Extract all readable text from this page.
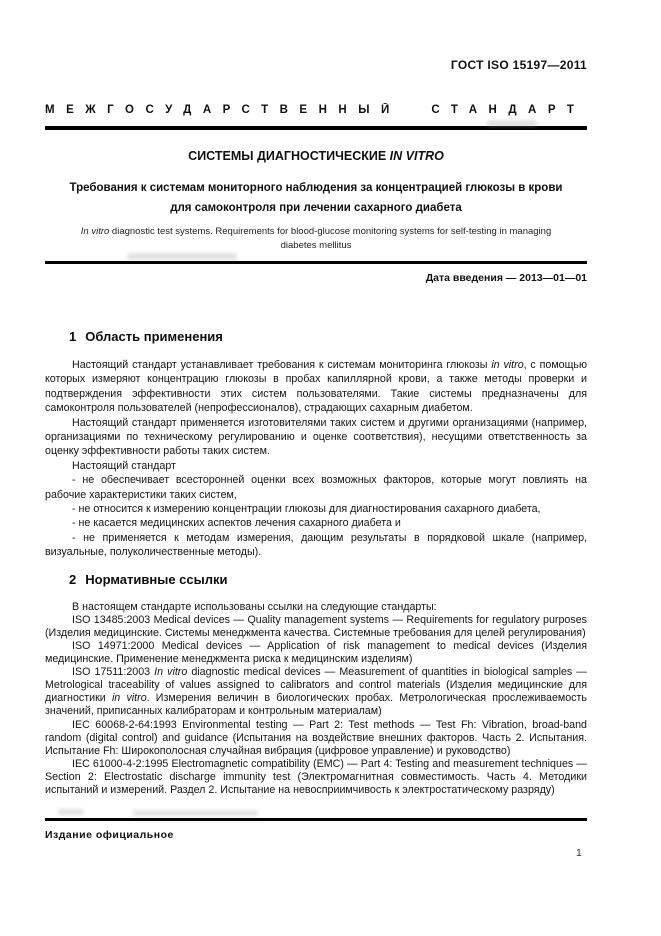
ГОСТ ISO 15197—2011
МЕЖГОСУДАРСТВЕННЫЙ СТАНДАРТ
СИСТЕМЫ ДИАГНОСТИЧЕСКИЕ IN VITRO
Требования к системам мониторного наблюдения за концентрацией глюкозы в крови
для самоконтроля при лечении сахарного диабета
In vitro diagnostic test systems. Requirements for blood-glucose monitoring systems for self-testing in managing diabetes mellitus
Дата введения — 2013—01—01
1 Область применения

Настоящий стандарт устанавливает требования к системам мониторинга глюкозы in vitro, с помощью которых измеряют концентрацию глюкозы в пробах капиллярной крови, а также методы проверки и подтверждения эффективности этих систем пользователями. Такие системы предназначены для самоконтроля пользователей (непрофессионалов), страдающих сахарным диабетом.

Настоящий стандарт применяется изготовителями таких систем и другими организациями (например, организациями по техническому регулированию и оценке соответствия), несущими ответственность за оценку эффективности работы таких систем.

Настоящий стандарт

- не обеспечивает всесторонней оценки всех возможных факторов, которые могут повлиять на рабочие характеристики таких систем,

- не относится к измерению концентрации глюкозы для диагностирования сахарного диабета,

- не касается медицинских аспектов лечения сахарного диабета и

- не применяется к методам измерения, дающим результаты в порядковой шкале (например, визуальные, полуколичественные методы).

2 Нормативные ссылки

В настоящем стандарте использованы ссылки на следующие стандарты:

ISO 13485:2003 Medical devices — Quality management systems — Requirements for regulatory purposes (Изделия медицинские. Системы менеджмента качества. Системные требования для целей регулирования)

ISO 14971:2000 Medical devices — Application of risk management to medical devices (Изделия медицинские. Применение менеджмента риска к медицинским изделиям)

ISO 17511:2003 In vitro diagnostic medical devices — Measurement of quantities in biological samples — Metrological traceability of values assigned to calibrators and control materials (Изделия медицинские для диагностики in vitro. Измерения величин в биологических пробах. Метрологическая прослеживаемость значений, приписанных калибраторам и контрольным материалам)

IEC 60068-2-64:1993 Environmental testing — Part 2: Test methods — Test Fh: Vibration, broad-band random (digital control) and guidance (Испытания на воздействие внешних факторов. Часть 2. Испытания. Испытание Fh: Широкополосная случайная вибрация (цифровое управление) и руководство)

IEC 61000-4-2:1995 Electromagnetic compatibility (EMC) — Part 4: Testing and measurement techniques — Section 2: Electrostatic discharge immunity test (Электромагнитная совместимость. Часть 4. Методики испытаний и измерений. Раздел 2. Испытание на невосприимчивость к электростатическому разряду)

Издание официальное
1
